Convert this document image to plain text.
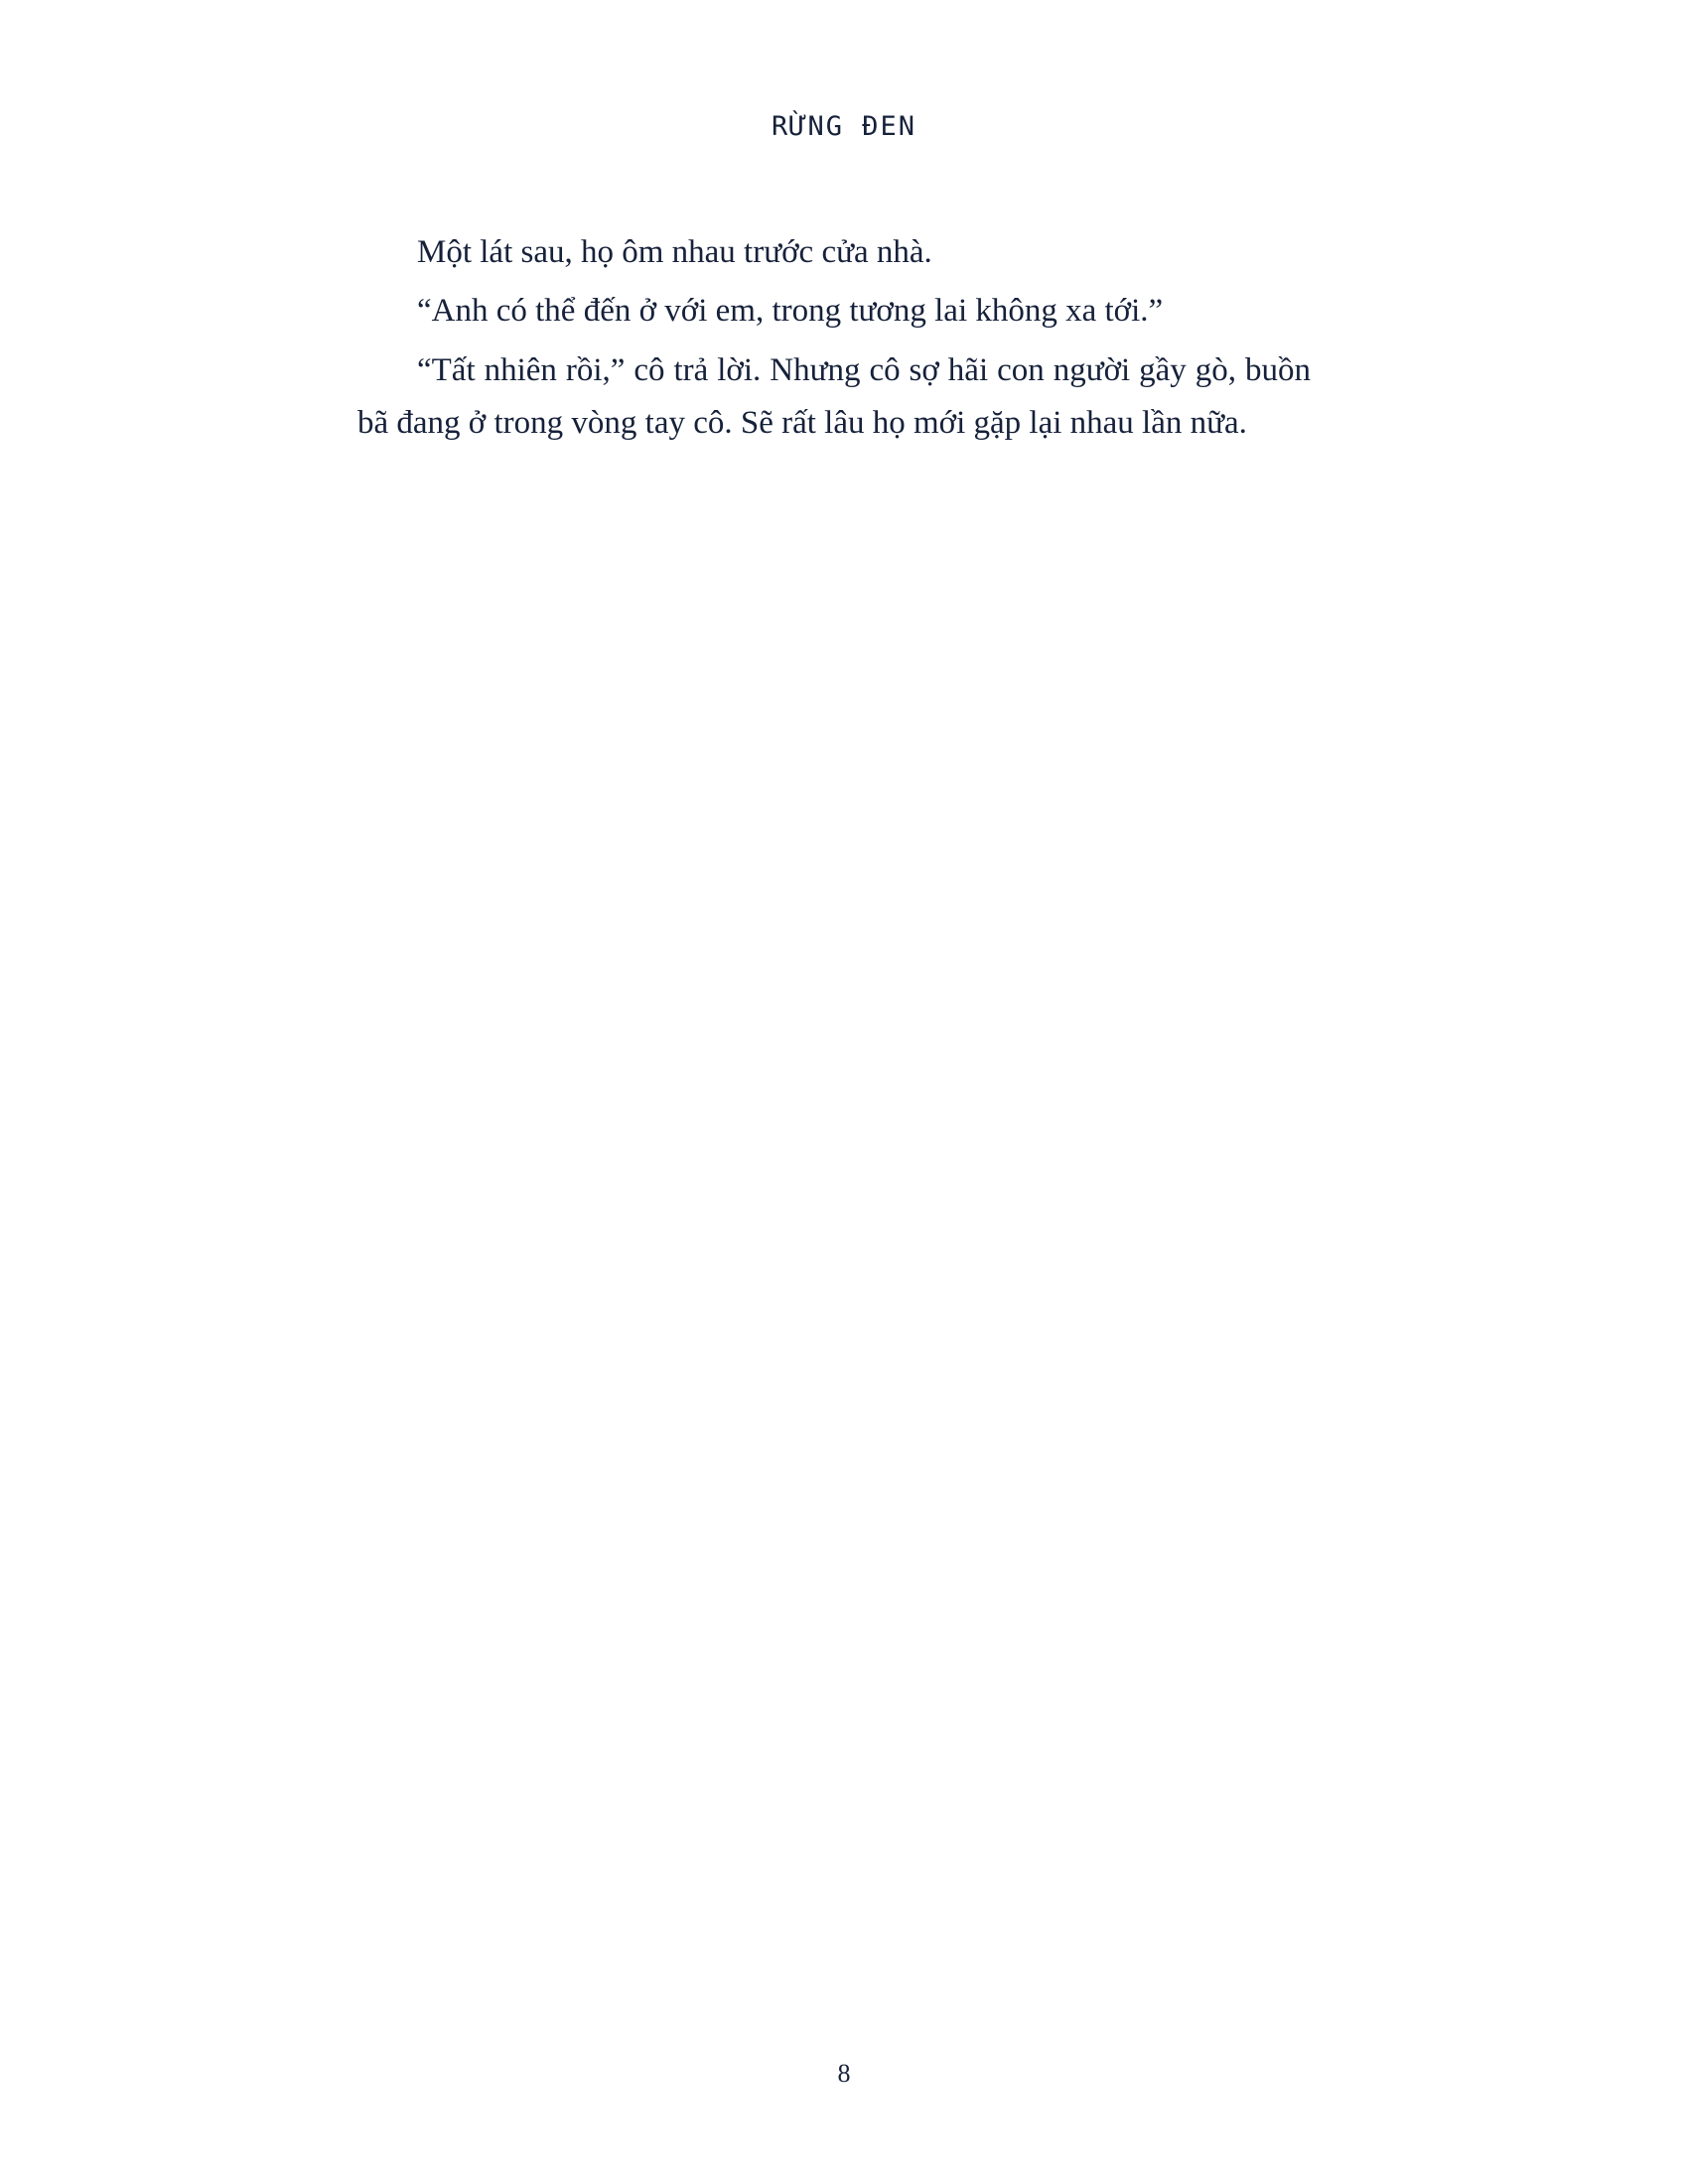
RỪNG ĐEN

Một lát sau, họ ôm nhau trước cửa nhà.

“Anh có thể đến ở với em, trong tương lai không xa tới.”

“Tất nhiên rồi,” cô trả lời. Nhưng cô sợ hãi con người gầy gò, buồn bã đang ở trong vòng tay cô. Sẽ rất lâu họ mới gặp lại nhau lần nữa.

8
